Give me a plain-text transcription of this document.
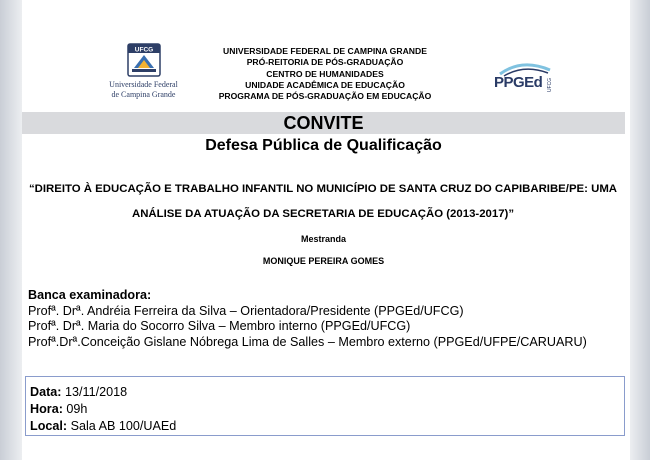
UFCG
Universidade Federal
de Campina Grande
UNIVERSIDADE FEDERAL DE CAMPINA GRANDE
PRÓ-REITORIA DE PÓS-GRADUAÇÃO
CENTRO DE HUMANIDADES
UNIDADE ACADÊMICA DE EDUCAÇÃO
PROGRAMA DE PÓS-GRADUAÇÃO EM EDUCAÇÃO
PPGEd UFCG
CONVITE
Defesa Pública de Qualificação
“DIREITO À EDUCAÇÃO E TRABALHO INFANTIL NO MUNICÍPIO DE SANTA CRUZ DO CAPIBARIBE/PE: UMA ANÁLISE DA ATUAÇÃO DA SECRETARIA DE EDUCAÇÃO (2013-2017)”
Mestranda
MONIQUE PEREIRA GOMES
Banca examinadora:
Profª. Drª. Andréia Ferreira da Silva – Orientadora/Presidente (PPGEd/UFCG)
Profª. Drª. Maria do Socorro Silva – Membro interno (PPGEd/UFCG)
Profª.Drª.Conceição Gislane Nóbrega Lima de Salles – Membro externo (PPGEd/UFPE/CARUARU)
Data: 13/11/2018
Hora: 09h
Local: Sala AB 100/UAEd
